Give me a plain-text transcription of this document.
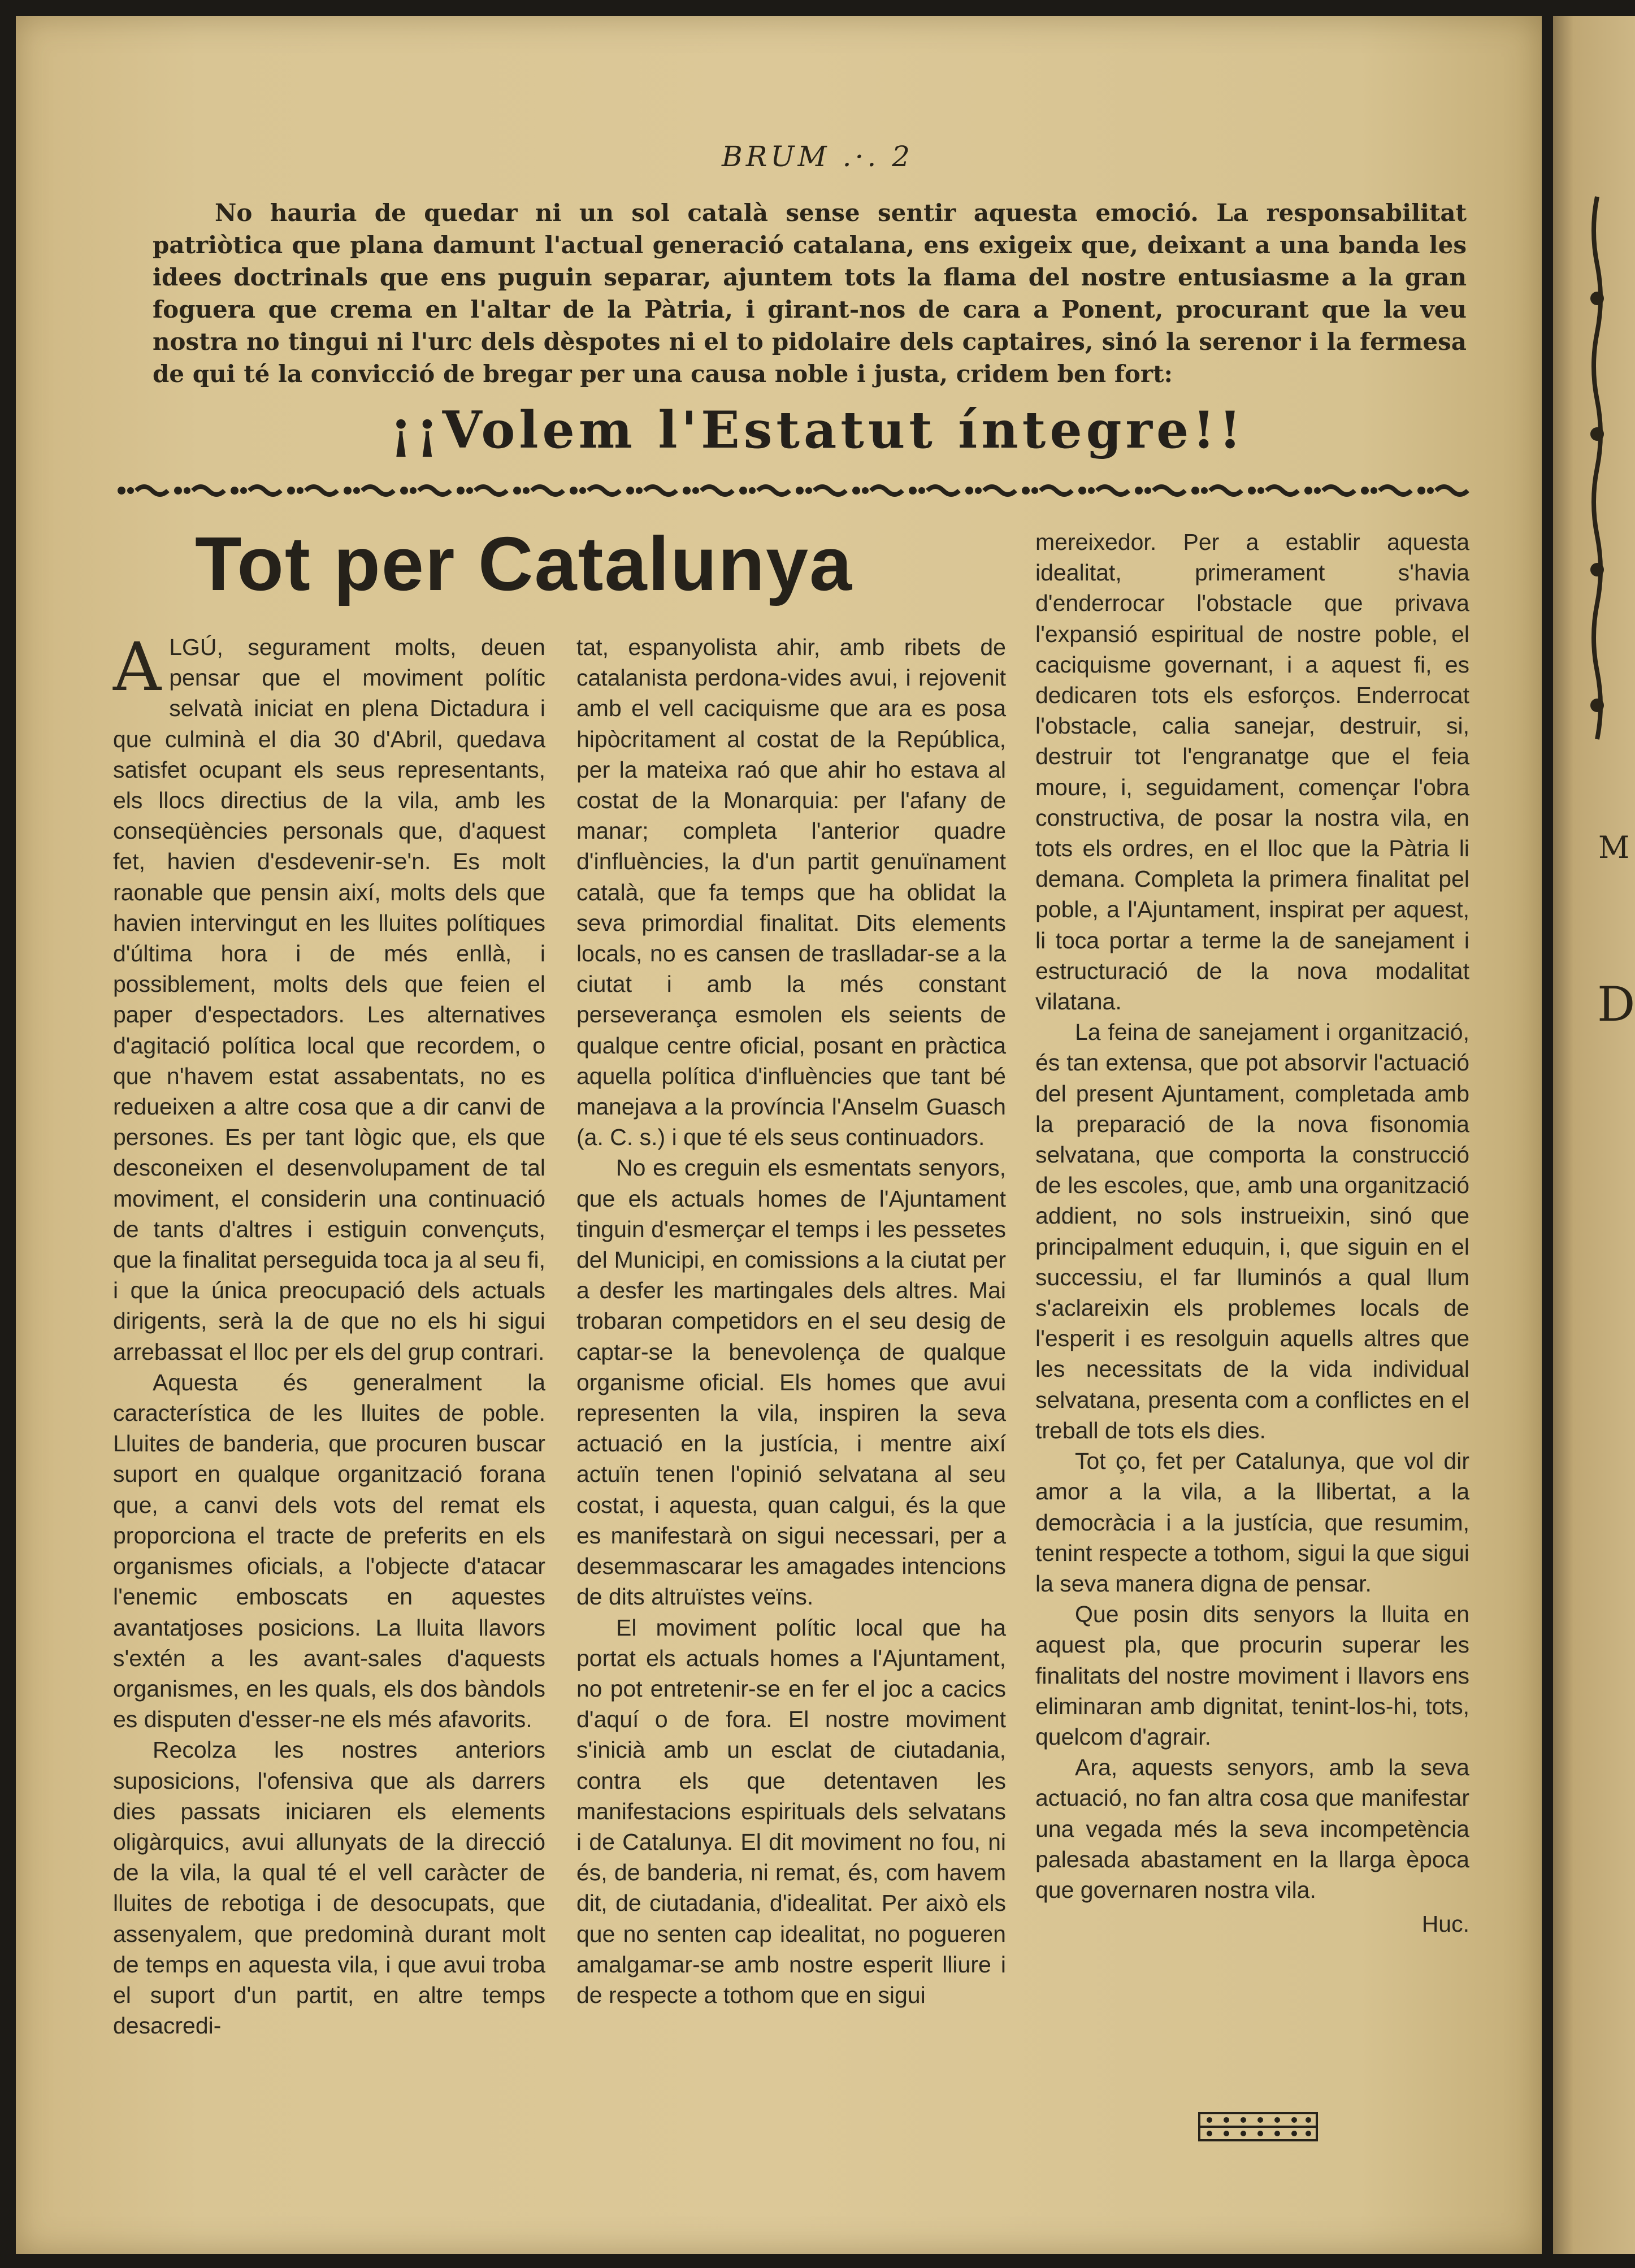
M
D
BRUM .·. 2
No hauria de quedar ni un sol català sense sentir aquesta emoció. La responsabilitat patriòtica que plana damunt l'actual generació catalana, ens exigeix que, deixant a una banda les idees doctrinals que ens puguin separar, ajuntem tots la flama del nostre entusiasme a la gran foguera que crema en l'altar de la Pàtria, i girant-nos de cara a Ponent, procurant que la veu nostra no tingui ni l'urc dels dèspotes ni el to pidolaire dels captaires, sinó la serenor i la fermesa de qui té la convicció de bregar per una causa noble i justa, cridem ben fort:
¡¡Volem l'Estatut íntegre!!
Tot per Catalunya

ALGÚ, segurament molts, deuen pensar que el moviment polític selvatà iniciat en plena Dictadura i que culminà el dia 30 d'Abril, quedava satisfet ocupant els seus representants, els llocs directius de la vila, amb les conseqüències personals que, d'aquest fet, havien d'esdevenir-se'n. Es molt raonable que pensin així, molts dels que havien intervingut en les lluites polítiques d'última hora i de més enllà, i possiblement, molts dels que feien el paper d'espectadors. Les alternatives d'agitació política local que recordem, o que n'havem estat assabentats, no es redueixen a altre cosa que a dir canvi de persones. Es per tant lògic que, els que desconeixen el desenvolupament de tal moviment, el considerin una continuació de tants d'altres i estiguin convençuts, que la finalitat perseguida toca ja al seu fi, i que la única preocupació dels actuals dirigents, serà la de que no els hi sigui arrebassat el lloc per els del grup contrari.

Aquesta és generalment la característica de les lluites de poble. Lluites de banderia, que procuren buscar suport en qualque organització forana que, a canvi dels vots del remat els proporciona el tracte de preferits en els organismes oficials, a l'objecte d'atacar l'enemic emboscats en aquestes avantatjoses posicions. La lluita llavors s'extén a les avant-sales d'aquests organismes, en les quals, els dos bàndols es disputen d'esser-ne els més afavorits.

Recolza les nostres anteriors suposicions, l'ofensiva que als darrers dies passats iniciaren els elements oligàrquics, avui allunyats de la direcció de la vila, la qual té el vell caràcter de lluites de rebotiga i de desocupats, que assenyalem, que predominà durant molt de temps en aquesta vila, i que avui troba el suport d'un partit, en altre temps desacredi-

tat, espanyolista ahir, amb ribets de catalanista perdona-vides avui, i rejovenit amb el vell caciquisme que ara es posa hipòcritament al costat de la República, per la mateixa raó que ahir ho estava al costat de la Monarquia: per l'afany de manar; completa l'anterior quadre d'influències, la d'un partit genuïnament català, que fa temps que ha oblidat la seva primordial finalitat. Dits elements locals, no es cansen de traslladar-se a la ciutat i amb la més constant perseverança esmolen els seients de qualque centre oficial, posant en pràctica aquella política d'influències que tant bé manejava a la província l'Anselm Guasch (a. C. s.) i que té els seus continuadors.

No es creguin els esmentats senyors, que els actuals homes de l'Ajuntament tinguin d'esmerçar el temps i les pessetes del Municipi, en comissions a la ciutat per a desfer les martingales dels altres. Mai trobaran competidors en el seu desig de captar-se la benevolença de qualque organisme oficial. Els homes que avui representen la vila, inspiren la seva actuació en la justícia, i mentre així actuïn tenen l'opinió selvatana al seu costat, i aquesta, quan calgui, és la que es manifestarà on sigui necessari, per a desemmascarar les amagades intencions de dits altruïstes veïns.

El moviment polític local que ha portat els actuals homes a l'Ajuntament, no pot entretenir-se en fer el joc a cacics d'aquí o de fora. El nostre moviment s'inicià amb un esclat de ciutadania, contra els que detentaven les manifestacions espirituals dels selvatans i de Catalunya. El dit moviment no fou, ni és, de banderia, ni remat, és, com havem dit, de ciutadania, d'idealitat. Per això els que no senten cap idealitat, no pogueren amalgamar-se amb nostre esperit lliure i de respecte a tothom que en sigui

mereixedor. Per a establir aquesta idealitat, primerament s'havia d'enderrocar l'obstacle que privava l'expansió espiritual de nostre poble, el caciquisme governant, i a aquest fi, es dedicaren tots els esforços. Enderrocat l'obstacle, calia sanejar, destruir, si, destruir tot l'engranatge que el feia moure, i, seguidament, començar l'obra constructiva, de posar la nostra vila, en tots els ordres, en el lloc que la Pàtria li demana. Completa la primera finalitat pel poble, a l'Ajuntament, inspirat per aquest, li toca portar a terme la de sanejament i estructuració de la nova modalitat vilatana.

La feina de sanejament i organització, és tan extensa, que pot absorvir l'actuació del present Ajuntament, completada amb la preparació de la nova fisonomia selvatana, que comporta la construcció de les escoles, que, amb una organització addient, no sols instrueixin, sinó que principalment eduquin, i, que siguin en el successiu, el far lluminós a qual llum s'aclareixin els problemes locals de l'esperit i es resolguin aquells altres que les necessitats de la vida individual selvatana, presenta com a conflictes en el treball de tots els dies.

Tot ço, fet per Catalunya, que vol dir amor a la vila, a la llibertat, a la democràcia i a la justícia, que resumim, tenint respecte a tothom, sigui la que sigui la seva manera digna de pensar.

Que posin dits senyors la lluita en aquest pla, que procurin superar les finalitats del nostre moviment i llavors ens eliminaran amb dignitat, tenint-los-hi, tots, quelcom d'agrair.

Ara, aquests senyors, amb la seva actuació, no fan altra cosa que manifestar una vegada més la seva incompetència palesada abastament en la llarga època que governaren nostra vila.

Huc.
